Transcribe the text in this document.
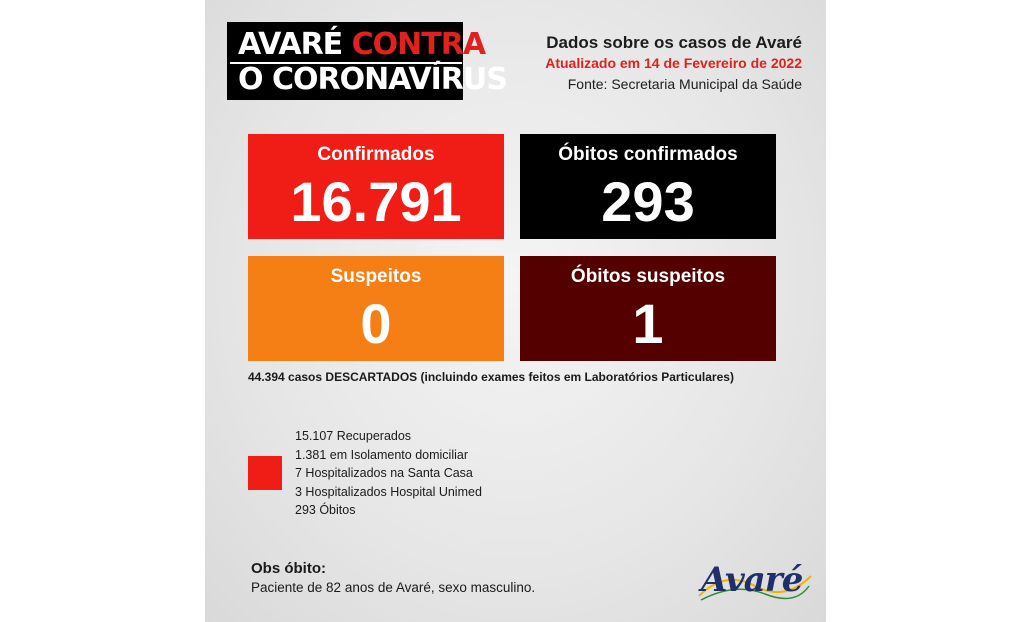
AVARÉ CONTRA
O CORONAVÍRUS
Dados sobre os casos de Avaré
Atualizado em 14 de Fevereiro de 2022
Fonte: Secretaria Municipal da Saúde
Confirmados
16.791
Óbitos confirmados
293
Suspeitos
0
Óbitos suspeitos
1
44.394 casos DESCARTADOS (incluindo exames feitos em Laboratórios Particulares)
15.107 Recuperados
1.381 em Isolamento domiciliar
7 Hospitalizados na Santa Casa
3 Hospitalizados Hospital Unimed
293 Óbitos
Obs óbito:
Paciente de 82 anos de Avaré, sexo masculino.	Avaré
